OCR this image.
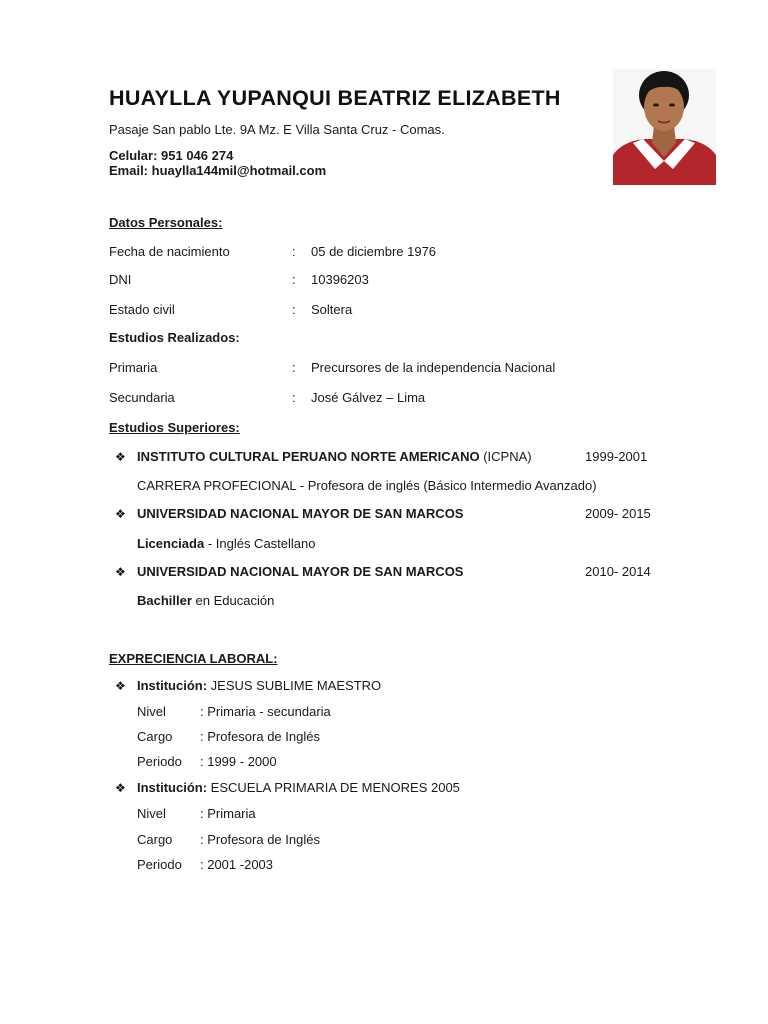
HUAYLLA YUPANQUI BEATRIZ ELIZABETH
Pasaje San pablo Lte. 9A Mz. E Villa Santa Cruz - Comas.
Celular: 951 046 274
Email: huaylla144mil@hotmail.com
Datos Personales:
Fecha de nacimiento	: 05 de diciembre 1976
DNI	: 10396203
Estado civil	: Soltera
Estudios Realizados:
Primaria	: Precursores de la independencia Nacional
Secundaria	: José Gálvez – Lima
Estudios Superiores:
❖ INSTITUTO CULTURAL PERUANO NORTE AMERICANO (ICPNA)	1999-2001
CARRERA PROFECIONAL - Profesora de inglés (Básico Intermedio Avanzado)
❖ UNIVERSIDAD NACIONAL MAYOR DE SAN MARCOS	2009- 2015
Licenciada - Inglés Castellano
❖ UNIVERSIDAD NACIONAL MAYOR DE SAN MARCOS	2010- 2014
Bachiller en Educación
EXPRECIENCIA LABORAL:
❖ Institución: JESUS SUBLIME MAESTRO
Nivel	: Primaria - secundaria
Cargo : Profesora de Inglés
Periodo : 1999 - 2000
❖ Institución: ESCUELA PRIMARIA DE MENORES 2005
Nivel	: Primaria
Cargo : Profesora de Inglés
Periodo : 2001 -2003
